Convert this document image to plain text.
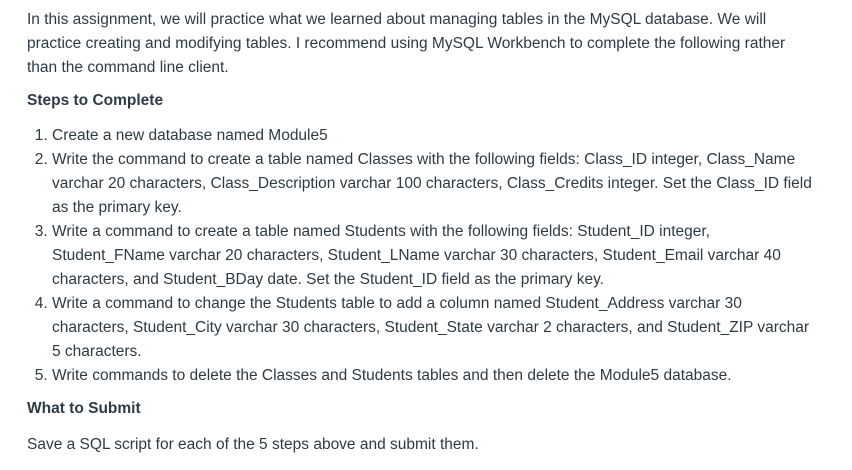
In this assignment, we will practice what we learned about managing tables in the MySQL database. We will practice creating and modifying tables. I recommend using MySQL Workbench to complete the following rather than the command line client.

Steps to Complete
1. Create a new database named Module5
2. Write the command to create a table named Classes with the following fields: Class_ID integer, Class_Name varchar 20 characters, Class_Description varchar 100 characters, Class_Credits integer. Set the Class_ID field as the primary key.
3. Write a command to create a table named Students with the following fields: Student_ID integer, Student_FName varchar 20 characters, Student_LName varchar 30 characters, Student_Email varchar 40 characters, and Student_BDay date. Set the Student_ID field as the primary key.
4. Write a command to change the Students table to add a column named Student_Address varchar 30 characters, Student_City varchar 30 characters, Student_State varchar 2 characters, and Student_ZIP varchar 5 characters.
5. Write commands to delete the Classes and Students tables and then delete the Module5 database.
What to Submit

Save a SQL script for each of the 5 steps above and submit them.
